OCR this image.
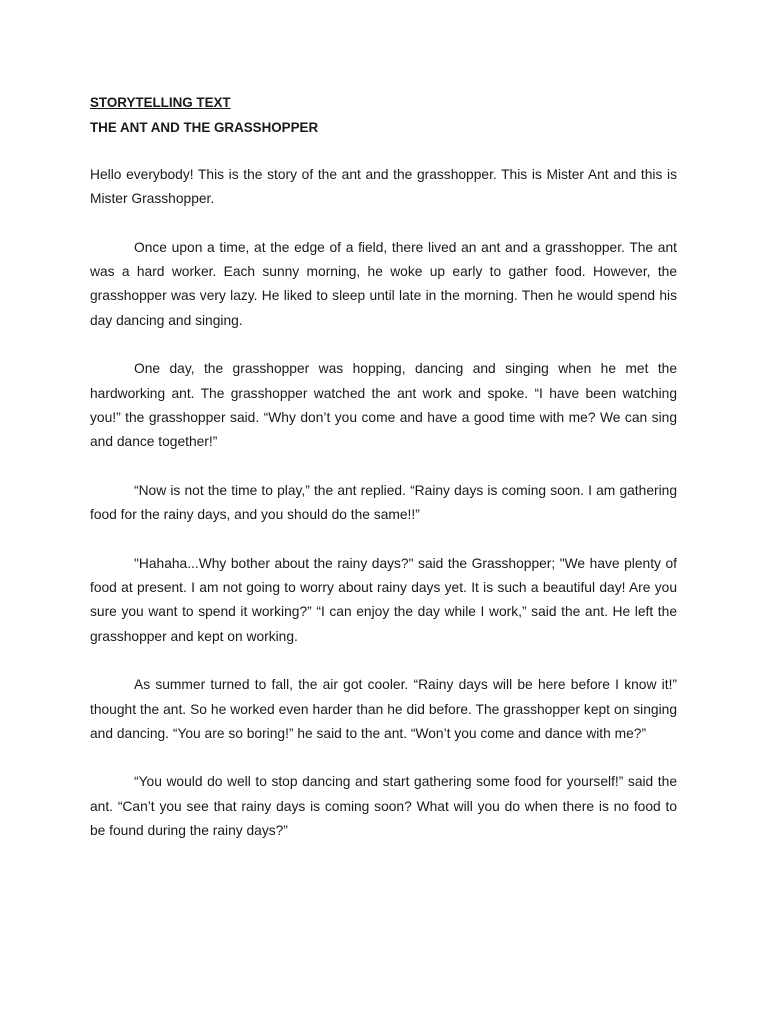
STORYTELLING TEXT

THE ANT AND THE GRASSHOPPER

Hello everybody! This is the story of the ant and the grasshopper. This is Mister Ant and this is Mister Grasshopper.

Once upon a time, at the edge of a field, there lived an ant and a grasshopper. The ant was a hard worker. Each sunny morning, he woke up early to gather food. However, the grasshopper was very lazy. He liked to sleep until late in the morning. Then he would spend his day dancing and singing.

One day, the grasshopper was hopping, dancing and singing when he met the hardworking ant. The grasshopper watched the ant work and spoke. “I have been watching you!” the grasshopper said. “Why don’t you come and have a good time with me? We can sing and dance together!”

“Now is not the time to play,” the ant replied. “Rainy days is coming soon. I am gathering food for the rainy days, and you should do the same!!”

"Hahaha...Why bother about the rainy days?" said the Grasshopper; "We have plenty of food at present. I am not going to worry about rainy days yet. It is such a beautiful day! Are you sure you want to spend it working?” “I can enjoy the day while I work,” said the ant. He left the grasshopper and kept on working.

As summer turned to fall, the air got cooler. “Rainy days will be here before I know it!” thought the ant. So he worked even harder than he did before. The grasshopper kept on singing and dancing. “You are so boring!” he said to the ant. “Won’t you come and dance with me?”

“You would do well to stop dancing and start gathering some food for yourself!” said the ant. “Can’t you see that rainy days is coming soon? What will you do when there is no food to be found during the rainy days?”
